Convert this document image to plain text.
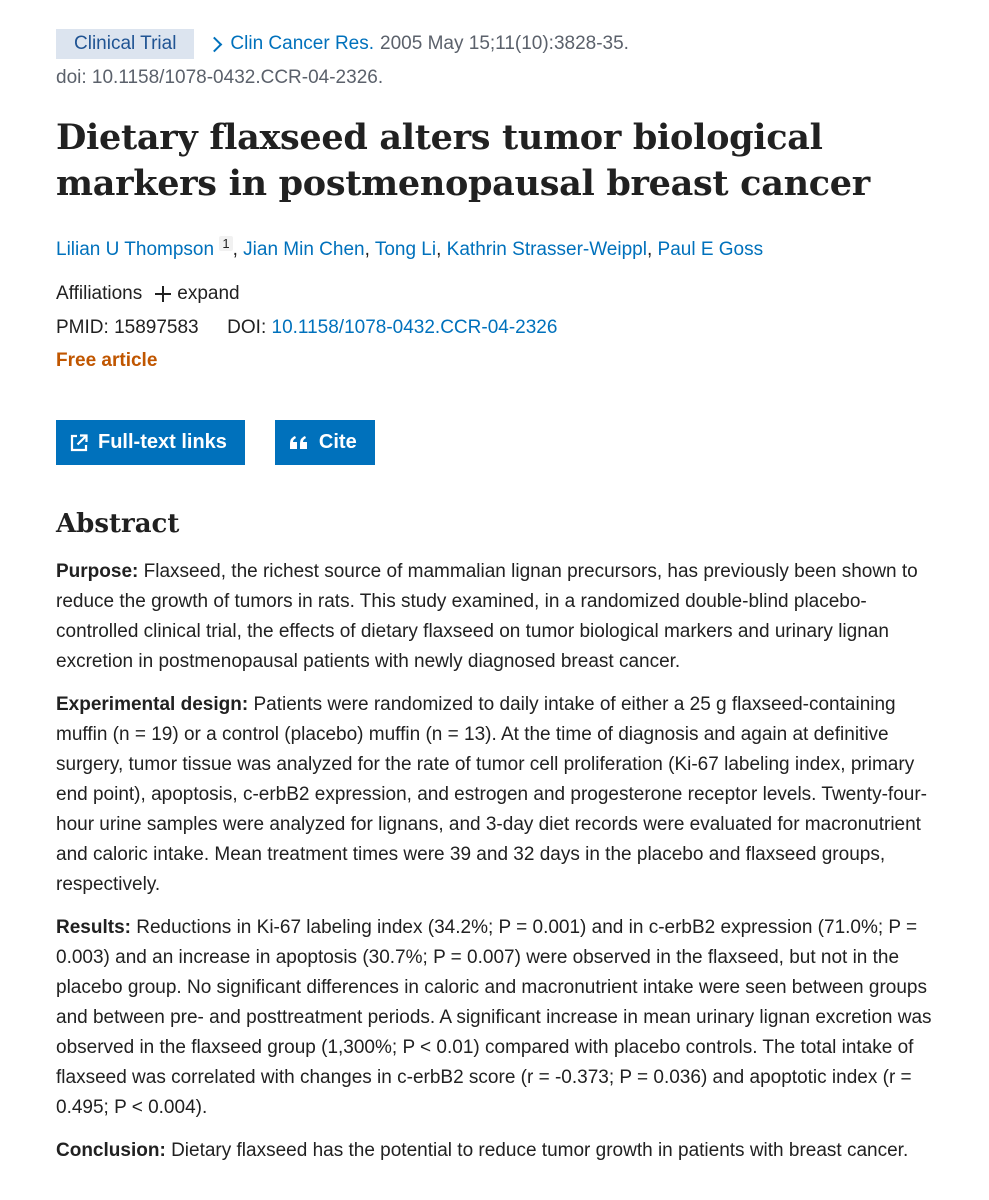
Clinical Trial	Clin Cancer Res. 2005 May 15;11(10):3828-35.
doi: 10.1158/1078-0432.CCR-04-2326.
Dietary flaxseed alters tumor biological markers in postmenopausal breast cancer
Lilian U Thompson $^1$ , Jian Min Chen, Tong Li, Kathrin Strasser-Weippl, Paul E Goss
Affiliations expand
PMID: 15897583 DOI: 10.1158/1078-0432.CCR-04-2326
Free article
Full-text links	Cite
Abstract

Purpose: Flaxseed, the richest source of mammalian lignan precursors, has previously been shown to reduce the growth of tumors in rats. This study examined, in a randomized double-blind placebo-controlled clinical trial, the effects of dietary flaxseed on tumor biological markers and urinary lignan excretion in postmenopausal patients with newly diagnosed breast cancer.

Experimental design: Patients were randomized to daily intake of either a 25 g flaxseed-containing muffin (n = 19) or a control (placebo) muffin (n = 13). At the time of diagnosis and again at definitive surgery, tumor tissue was analyzed for the rate of tumor cell proliferation (Ki-67 labeling index, primary end point), apoptosis, c-erbB2 expression, and estrogen and progesterone receptor levels. Twenty-four-hour urine samples were analyzed for lignans, and 3-day diet records were evaluated for macronutrient and caloric intake. Mean treatment times were 39 and 32 days in the placebo and flaxseed groups, respectively.

Results: Reductions in Ki-67 labeling index (34.2%; P = 0.001) and in c-erbB2 expression (71.0%; P = 0.003) and an increase in apoptosis (30.7%; P = 0.007) were observed in the flaxseed, but not in the placebo group. No significant differences in caloric and macronutrient intake were seen between groups and between pre- and posttreatment periods. A significant increase in mean urinary lignan excretion was observed in the flaxseed group (1,300%; P < 0.01) compared with placebo controls. The total intake of flaxseed was correlated with changes in c-erbB2 score (r = -0.373; P = 0.036) and apoptotic index (r = 0.495; P < 0.004).

Conclusion: Dietary flaxseed has the potential to reduce tumor growth in patients with breast cancer.
